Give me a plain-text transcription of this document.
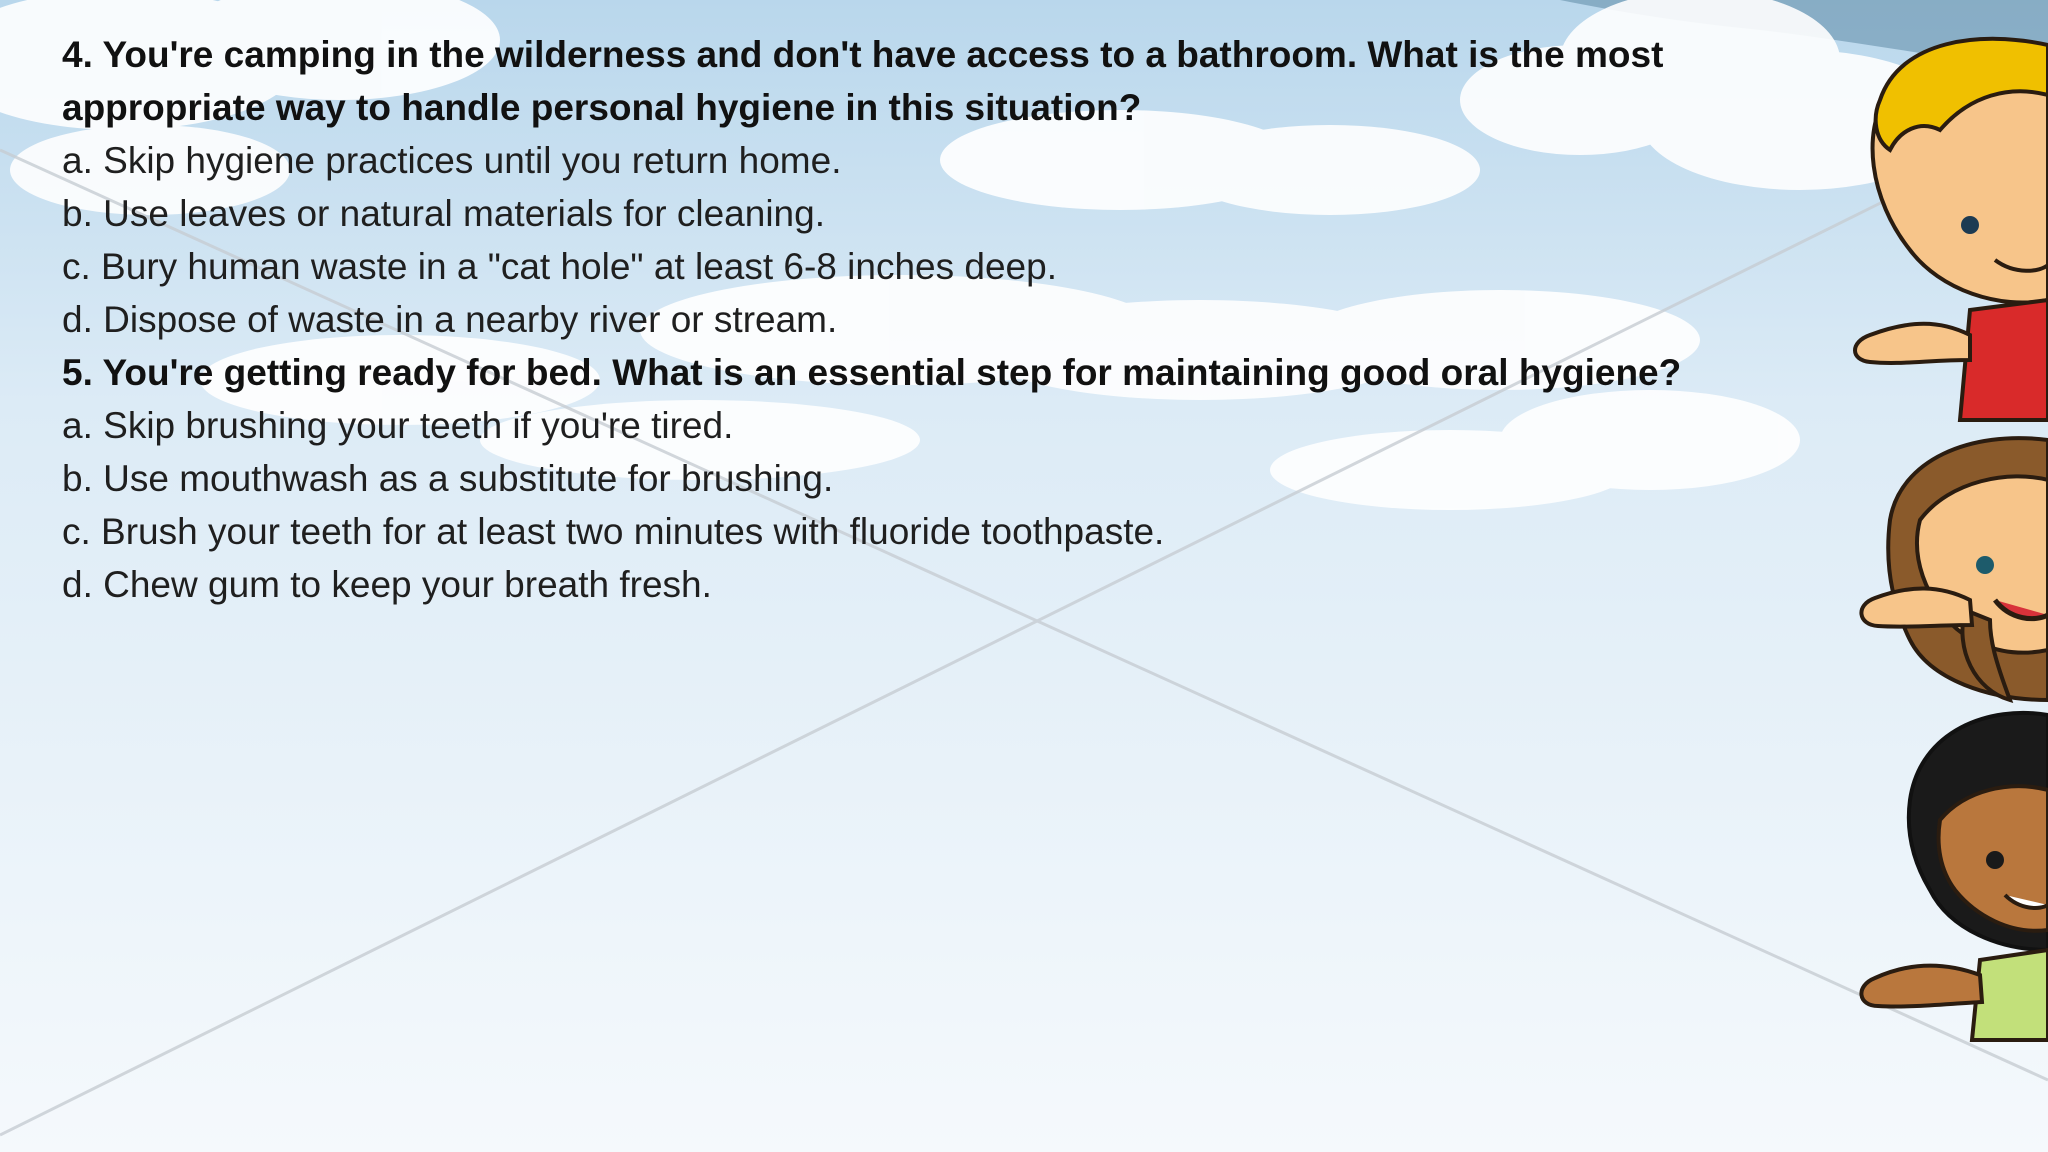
4. You're camping in the wilderness and don't have access to a bathroom. What is the most appropriate way to handle personal hygiene in this situation?

a. Skip hygiene practices until you return home.

b. Use leaves or natural materials for cleaning.

c. Bury human waste in a "cat hole" at least 6-8 inches deep.

d. Dispose of waste in a nearby river or stream.

5. You're getting ready for bed. What is an essential step for maintaining good oral hygiene?

a. Skip brushing your teeth if you're tired.

b. Use mouthwash as a substitute for brushing.

c. Brush your teeth for at least two minutes with fluoride toothpaste.

d. Chew gum to keep your breath fresh.
